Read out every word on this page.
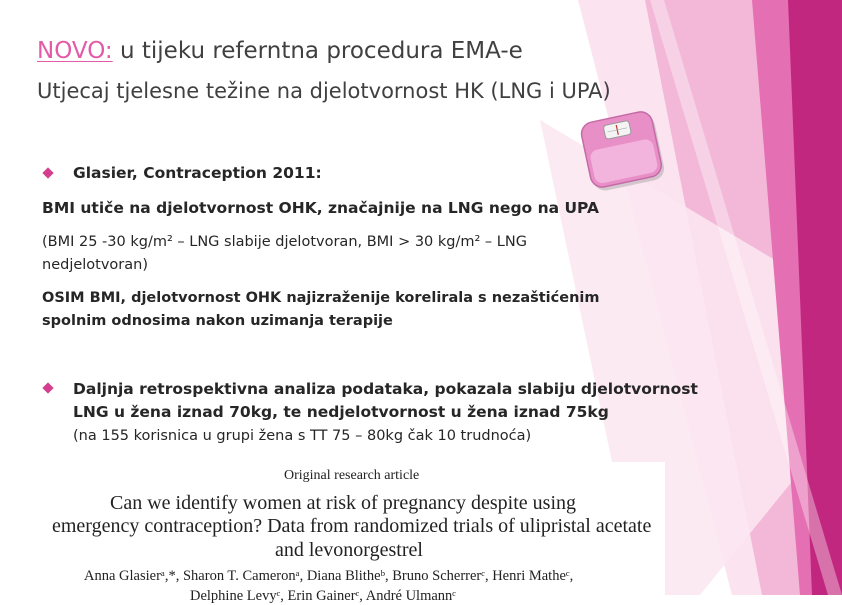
NOVO: u tijeku referntna procedura EMA-e
Utjecaj tjelesne težine na djelotvornost HK (LNG i UPA)
Glasier, Contraception 2011:
BMI utiče na djelotvornost OHK, značajnije na LNG nego na UPA
(BMI 25 -30 kg/m² – LNG slabije djelotvoran, BMI > 30 kg/m² – LNG
nedjelotvoran)
OSIM BMI, djelotvornost OHK najizraženije korelirala s nezaštićenim
spolnim odnosima nakon uzimanja terapije
Daljnja retrospektivna analiza podataka, pokazala slabiju djelotvornost
LNG u žena iznad 70kg, te nedjelotvornost u žena iznad 75kg
(na 155 korisnica u grupi žena s TT 75 – 80kg čak 10 trudnoća)
Original research article
Can we identify women at risk of pregnancy despite using
emergency contraception? Data from randomized trials of ulipristal acetate
and levonorgestrel
Anna Glasierᵃ,*, Sharon T. Cameronᵃ, Diana Blitheᵇ, Bruno Scherrerᶜ, Henri Matheᶜ,
Delphine Levyᶜ, Erin Gainerᶜ, André Ulmannᶜ
